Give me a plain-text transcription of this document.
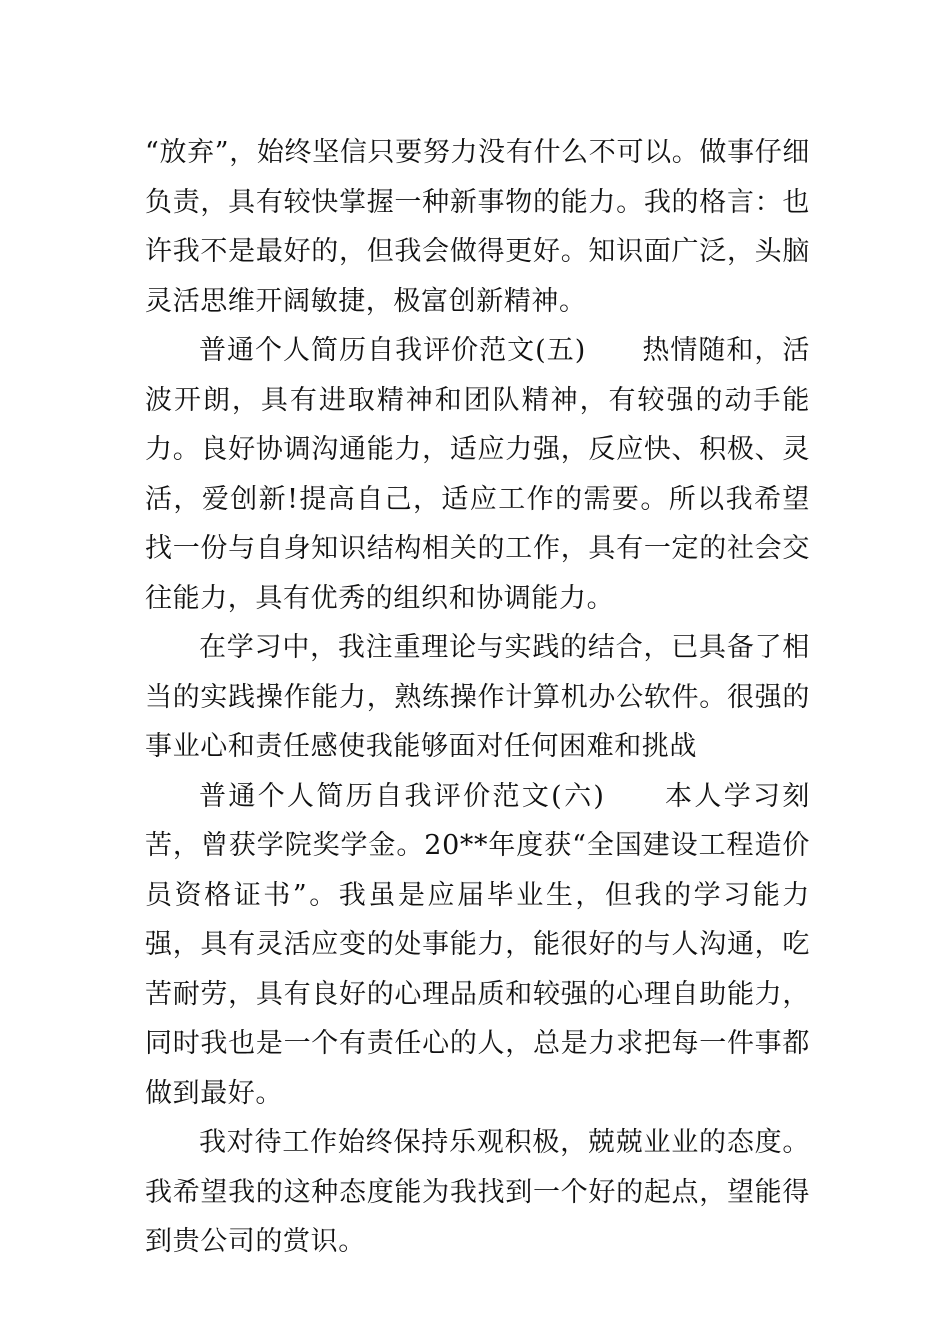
“放弃”，始终坚信只要努力没有什么不可以。做事仔细负责，具有较快掌握一种新事物的能力。我的格言：也许我不是最好的，但我会做得更好。知识面广泛，头脑灵活思维开阔敏捷，极富创新精神。

普通个人简历自我评价范文(五)　　热情随和，活波开朗，具有进取精神和团队精神，有较强的动手能力。良好协调沟通能力，适应力强，反应快、积极、灵活，爱创新!提高自己，适应工作的需要。所以我希望找一份与自身知识结构相关的工作，具有一定的社会交往能力，具有优秀的组织和协调能力。

在学习中，我注重理论与实践的结合，已具备了相当的实践操作能力，熟练操作计算机办公软件。很强的事业心和责任感使我能够面对任何困难和挑战

普通个人简历自我评价范文(六)　　本人学习刻苦，曾获学院奖学金。20**年度获“全国建设工程造价员资格证书”。我虽是应届毕业生，但我的学习能力强，具有灵活应变的处事能力，能很好的与人沟通，吃苦耐劳，具有良好的心理品质和较强的心理自助能力，同时我也是一个有责任心的人，总是力求把每一件事都做到最好。

我对待工作始终保持乐观积极，兢兢业业的态度。我希望我的这种态度能为我找到一个好的起点，望能得到贵公司的赏识。
